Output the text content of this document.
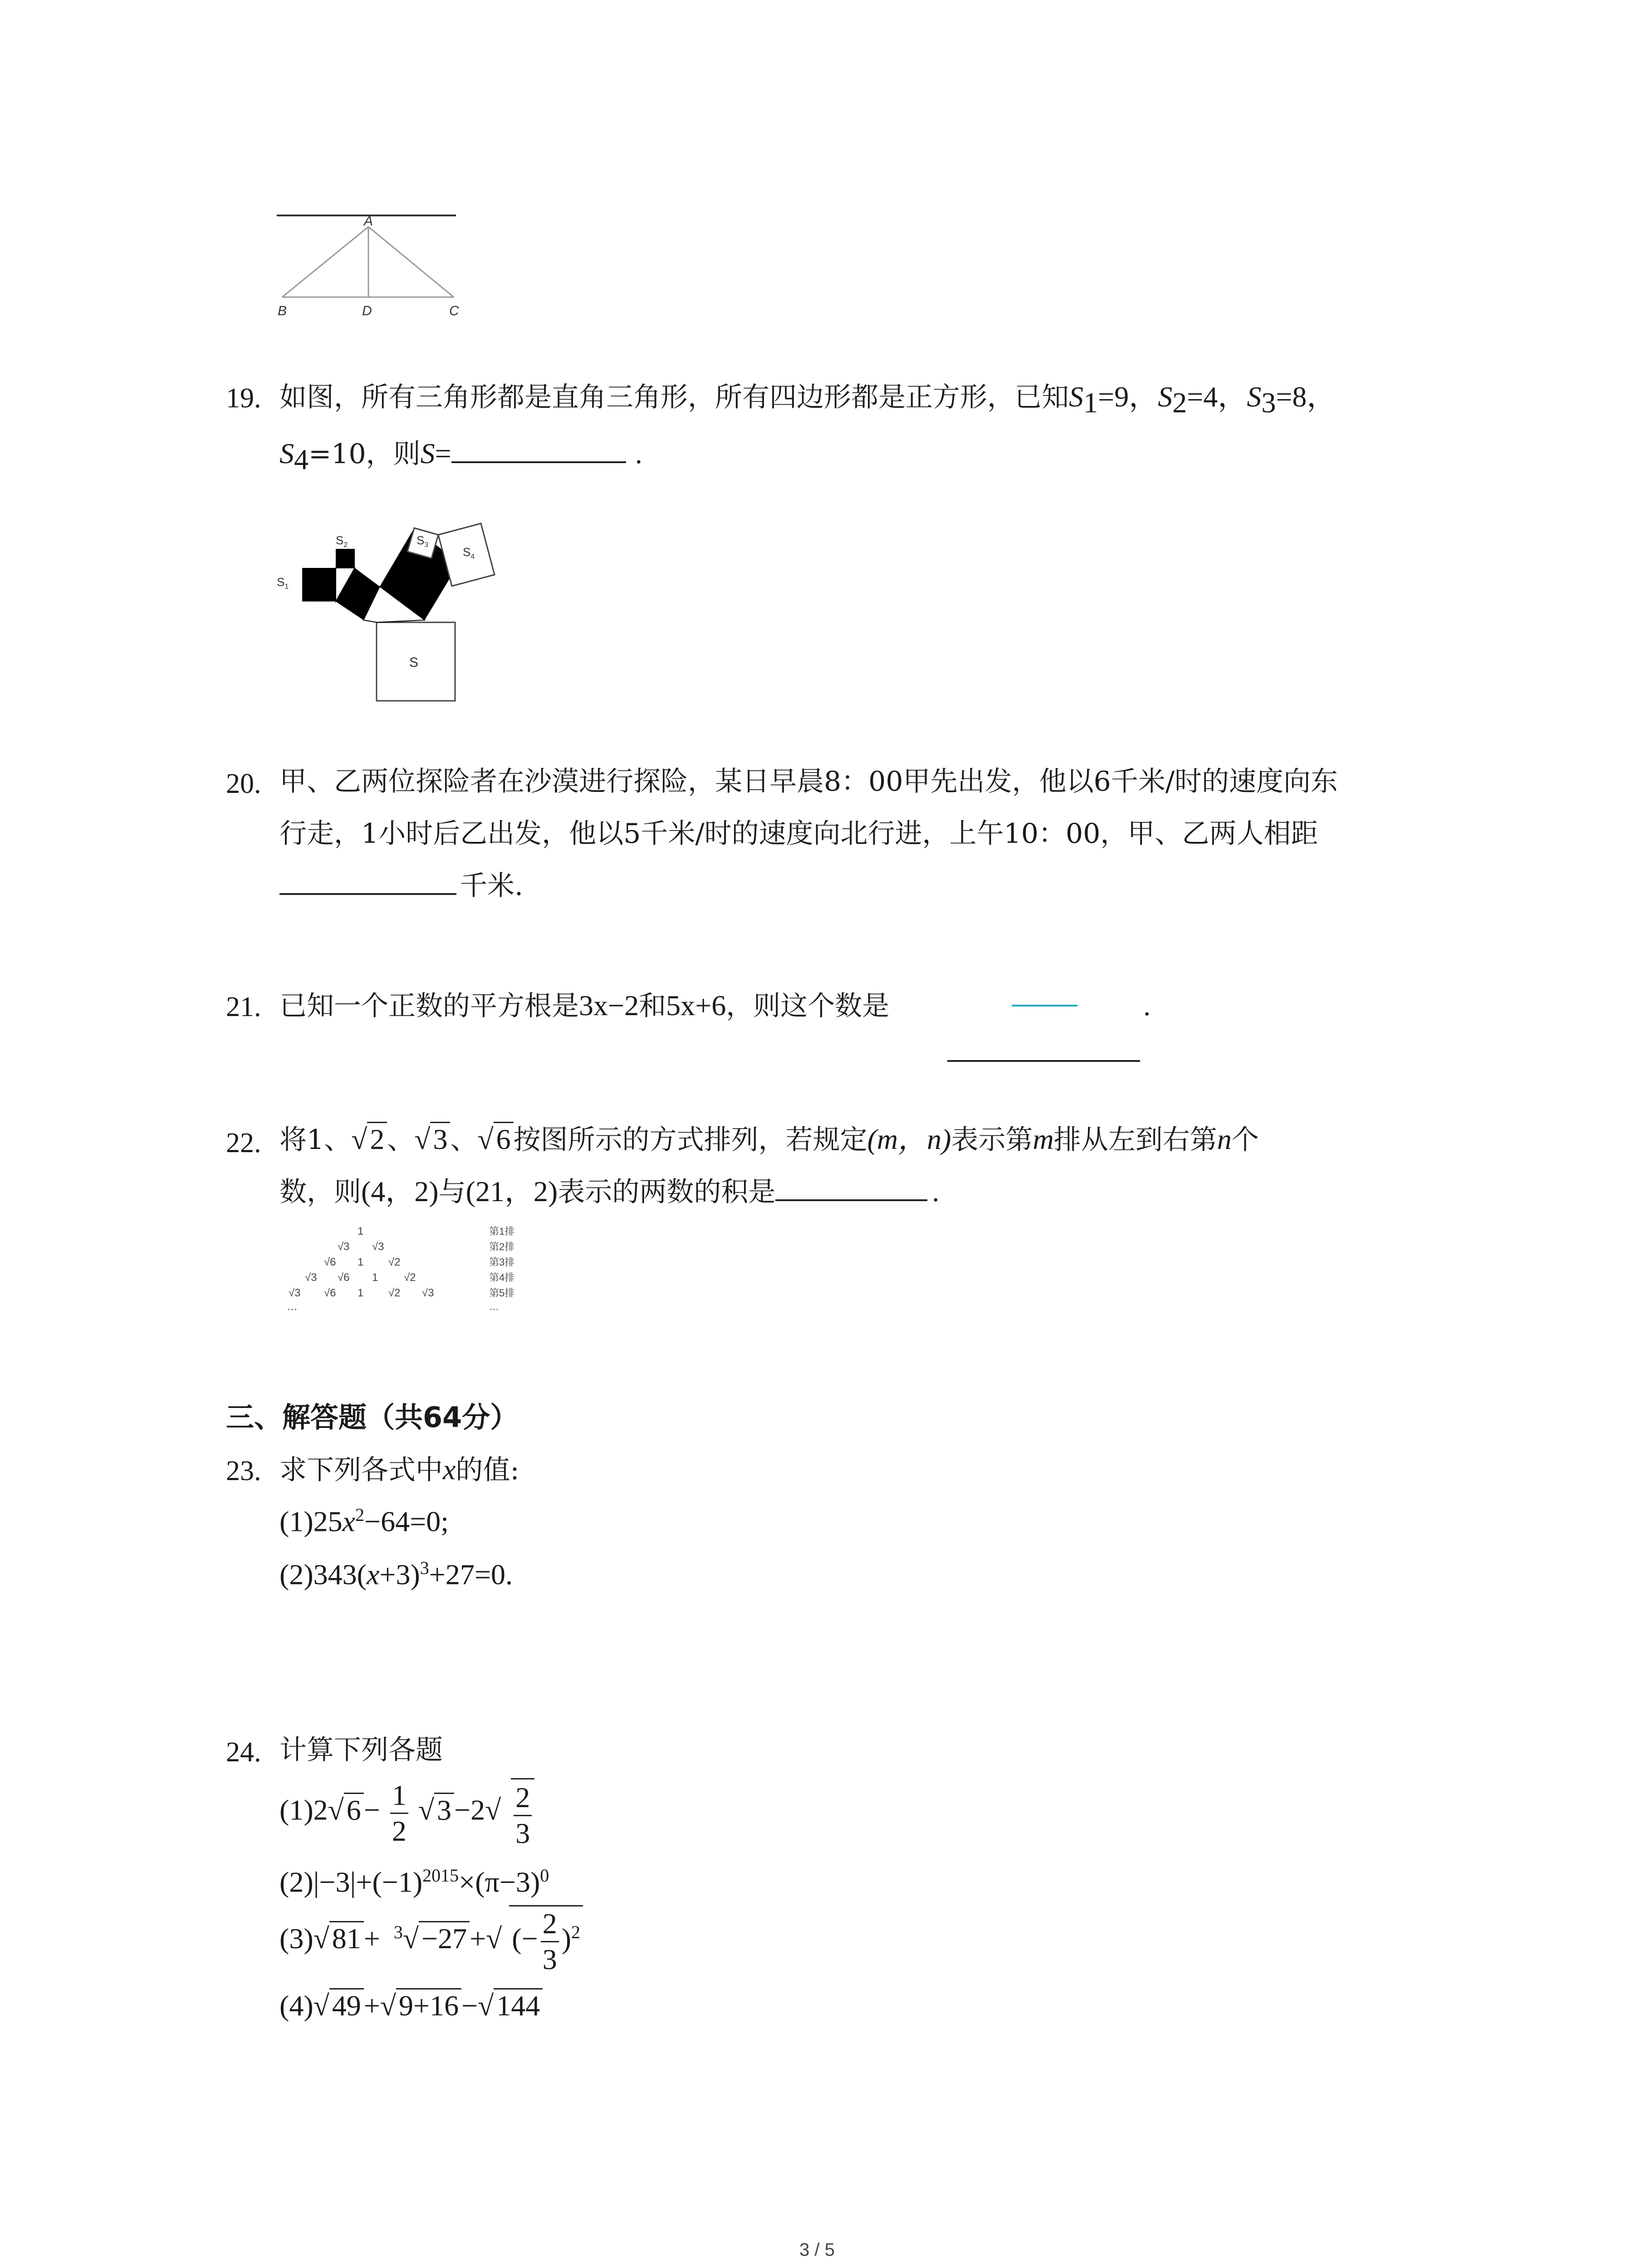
A
B	D	C
19. 如图，所有三角形都是直角三角形，所有四边形都是正方形，已知$S_1=9$，$S_2=4$，$S_3=8$，
$S_4=10$，则S=	.
S
$S_1$
$S_2$	$S_3$
$S_4$
20. 甲、乙两位探险者在沙漠进行探险，某日早晨8：00甲先出发，他以6千米/时的速度向东
行走，1小时后乙出发，他以5千米/时的速度向北行进，上午10：00，甲、乙两人相距
千米.
21. 已知一个正数的平方根是3x−2和5x+6，则这个数是	.
22. 将1、√2 、√3 、√6 按图所示的方式排列，若规定(m，n)表示第m排从左到右第n个
数，则(4，2)与(21，2)表示的两数的积是	.
1
√3 √3
√6 1 √2
√3 √6 1 √2
√3 √6 1 √2 √3
…
第1排
第2排
第3排
第4排
第5排
…
三、解答题（共64分）
23. 求下列各式中x的值:
$(1)25x^2-64=0$;
$(2)343(x+3)^3+27=0$.
24. 计算下列各题
$(1)2√6- \frac{1}{2} √3-2√ \frac{2}{3}$
$(2)|-3|+(-1)^{2015}\times(\pi-3)^0$
(3)√81+ $^3$√−27+√ (− $\frac{2}{3} )^2$
(4)√49+√9+16−√144
3 / 5
